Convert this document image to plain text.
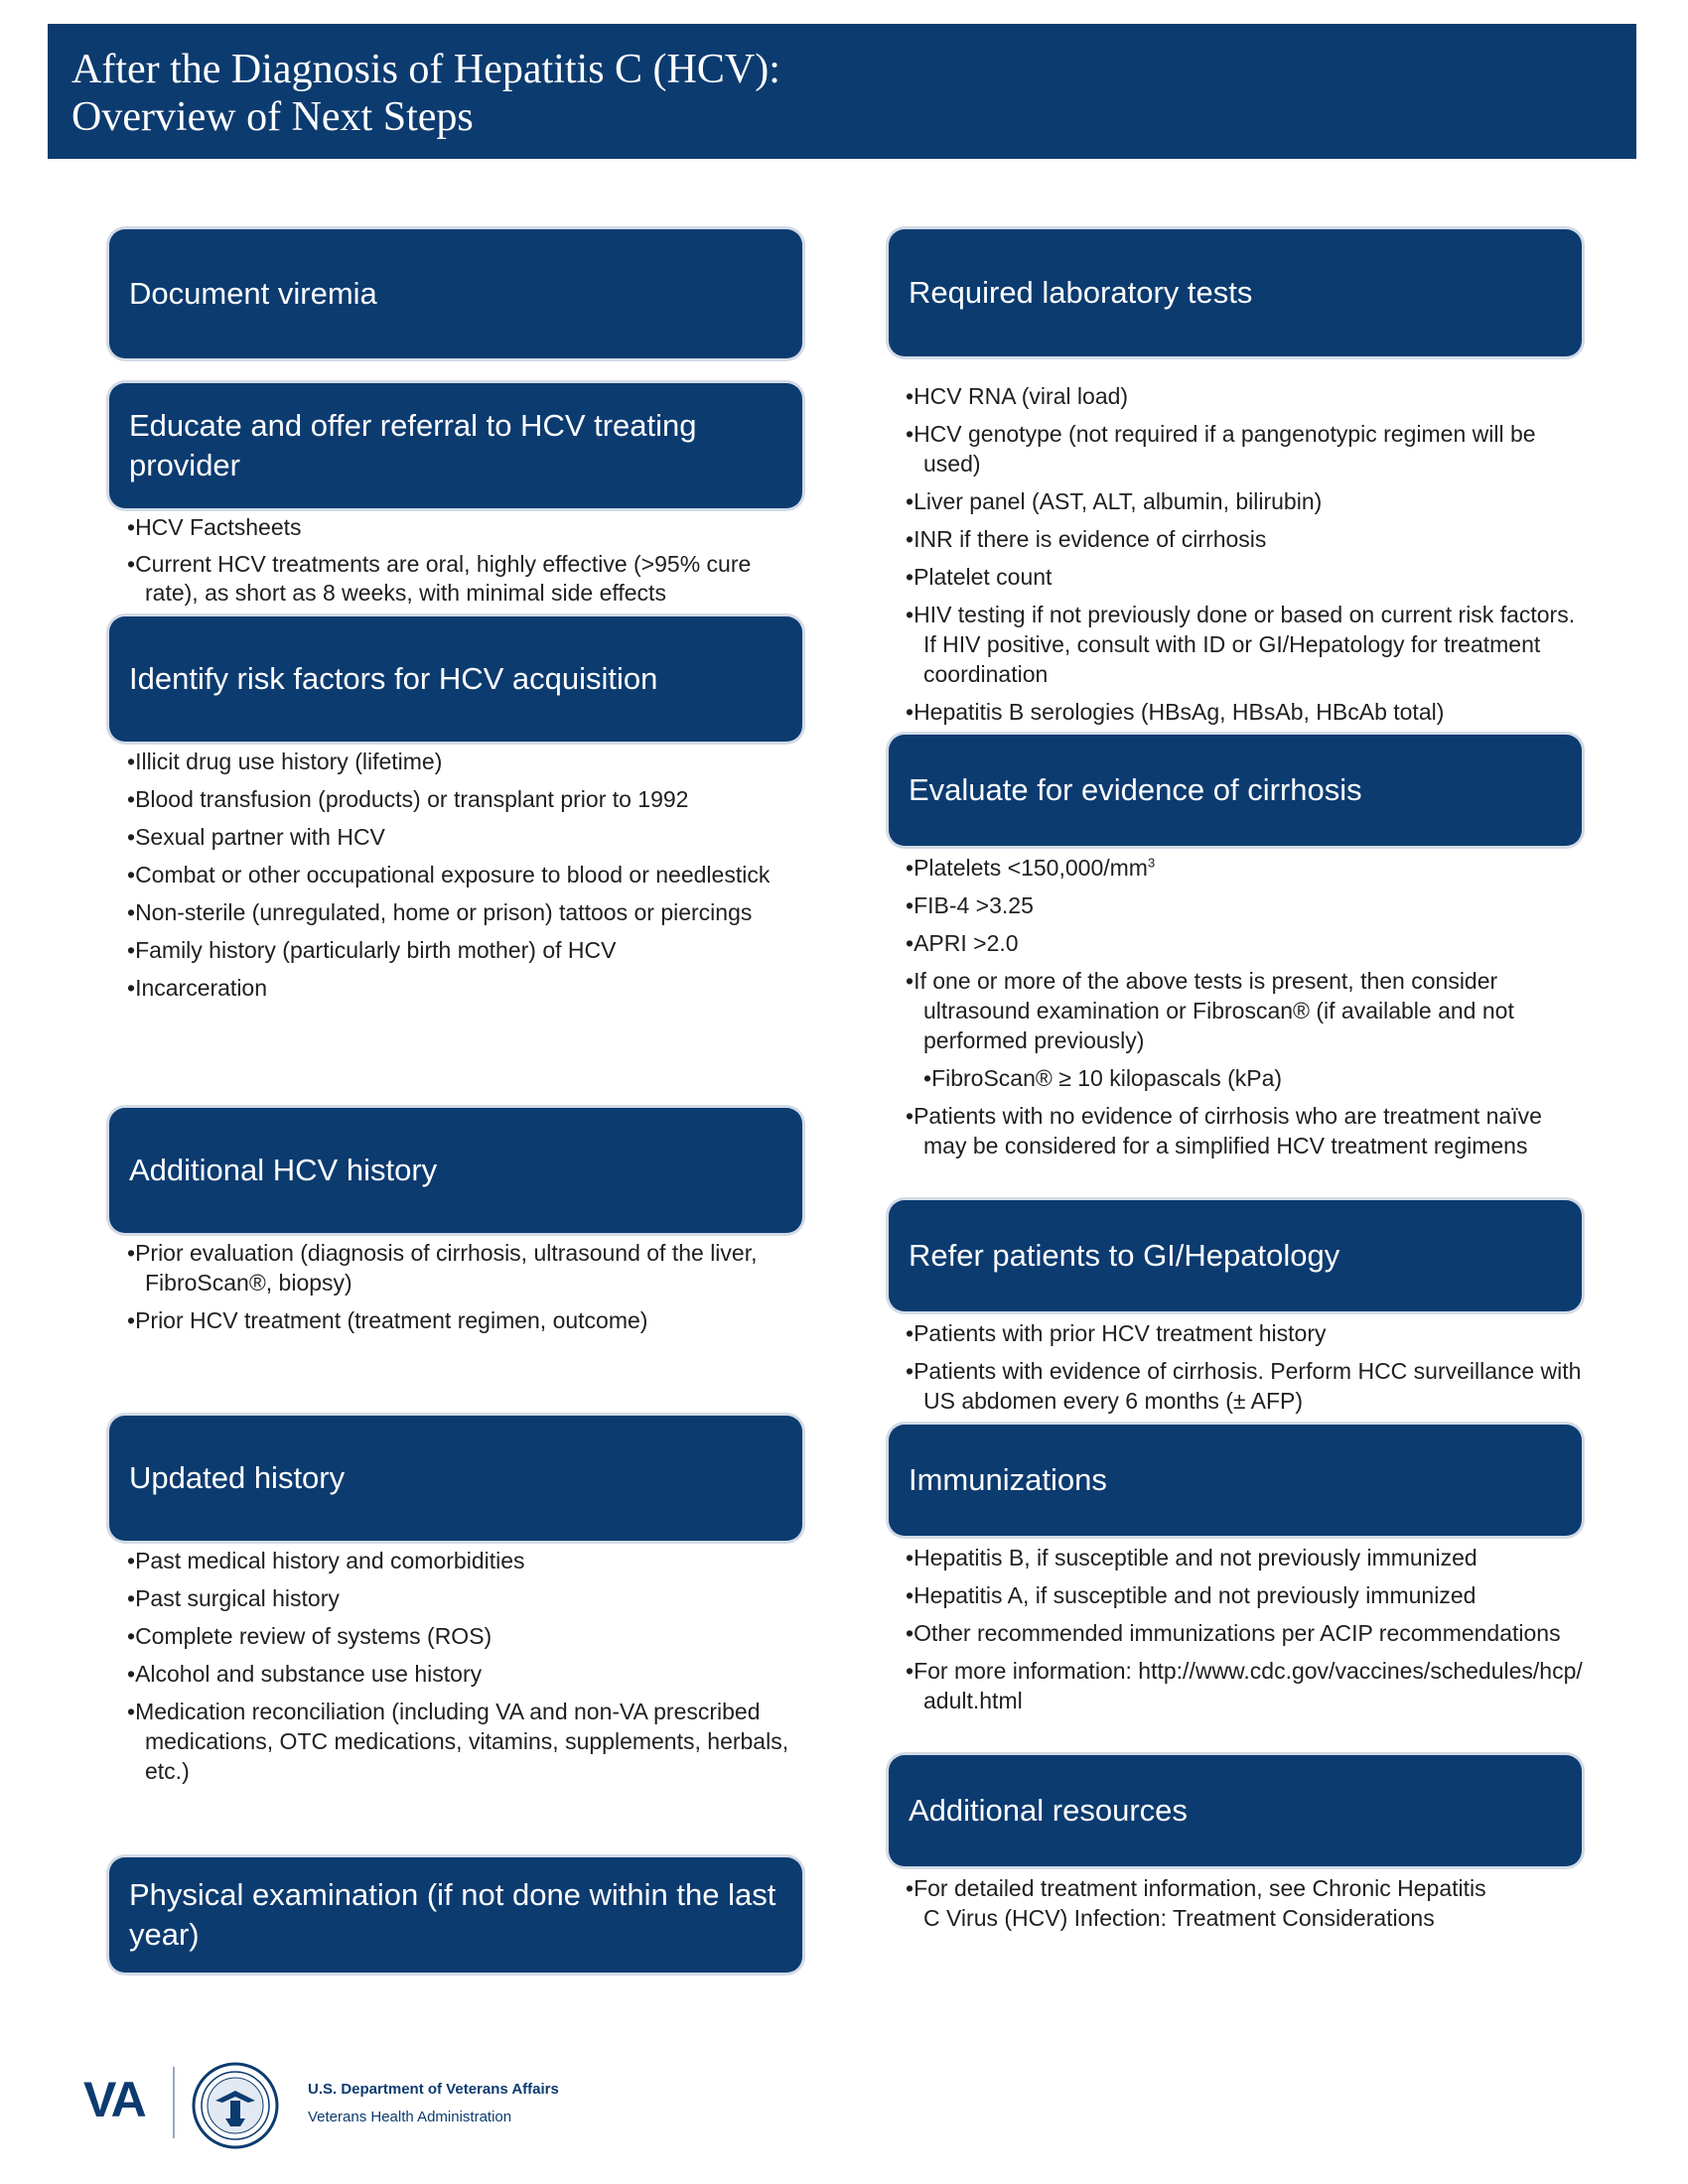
After the Diagnosis of Hepatitis C (HCV):
Overview of Next Steps
Document viremia
Educate and offer referral to HCV treating provider
• HCV Factsheets
• Current HCV treatments are oral, highly effective (>95% cure rate), as short as 8 weeks, with minimal side effects
Identify risk factors for HCV acquisition
• Illicit drug use history (lifetime)
• Blood transfusion (products) or transplant prior to 1992
• Sexual partner with HCV
• Combat or other occupational exposure to blood or needlestick
• Non-sterile (unregulated, home or prison) tattoos or piercings
• Family history (particularly birth mother) of HCV
• Incarceration
Additional HCV history
• Prior evaluation (diagnosis of cirrhosis, ultrasound of the liver, FibroScan®, biopsy)
• Prior HCV treatment (treatment regimen, outcome)
Updated history
• Past medical history and comorbidities
• Past surgical history
• Complete review of systems (ROS)
• Alcohol and substance use history
• Medication reconciliation (including VA and non-VA prescribed medications, OTC medications, vitamins, supplements, herbals, etc.)
Physical examination (if not done within the last year)
Required laboratory tests
• HCV RNA (viral load)
• HCV genotype (not required if a pangenotypic regimen will be used)
• Liver panel (AST, ALT, albumin, bilirubin)
• INR if there is evidence of cirrhosis
• Platelet count
• HIV testing if not previously done or based on current risk factors. If HIV positive, consult with ID or GI/Hepatology for treatment coordination
• Hepatitis B serologies (HBsAg, HBsAb, HBcAb total)
Evaluate for evidence of cirrhosis
• Platelets $<150,000/mm^3$
• FIB-4 >3.25
• APRI >2.0
• If one or more of the above tests is present, then consider ultrasound examination or Fibroscan® (if available and not performed previously)
• FibroScan® ≥ 10 kilopascals (kPa)
• Patients with no evidence of cirrhosis who are treatment naïve may be considered for a simplified HCV treatment regimens
Refer patients to GI/Hepatology
• Patients with prior HCV treatment history
• Patients with evidence of cirrhosis. Perform HCC surveillance with US abdomen every 6 months (± AFP)
Immunizations
• Hepatitis B, if susceptible and not previously immunized
• Hepatitis A, if susceptible and not previously immunized
• Other recommended immunizations per ACIP recommendations
• For more information: http://www.cdc.gov/vaccines/schedules/hcp/adult.html
Additional resources
• For detailed treatment information, see Chronic Hepatitis C Virus (HCV) Infection: Treatment Considerations
VA	U.S. Department of Veterans Affairs
Veterans Health Administration
